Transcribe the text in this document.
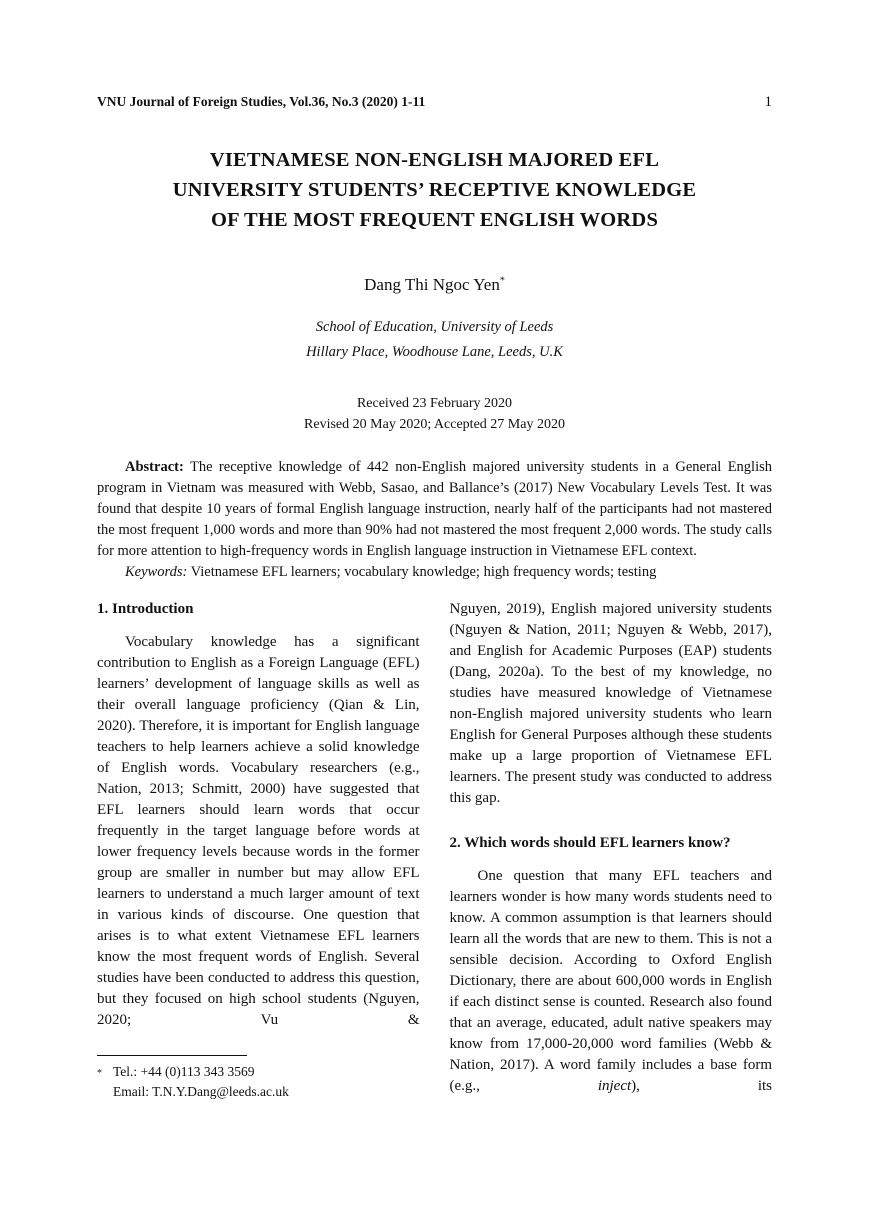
VNU Journal of Foreign Studies, Vol.36, No.3 (2020) 1-11	1
VIETNAMESE NON-ENGLISH MAJORED EFL
UNIVERSITY STUDENTS’ RECEPTIVE KNOWLEDGE
OF THE MOST FREQUENT ENGLISH WORDS
Dang Thi Ngoc Yen*
School of Education, University of Leeds
Hillary Place, Woodhouse Lane, Leeds, U.K
Received 23 February 2020
Revised 20 May 2020; Accepted 27 May 2020

Abstract: The receptive knowledge of 442 non-English majored university students in a General English program in Vietnam was measured with Webb, Sasao, and Ballance’s (2017) New Vocabulary Levels Test. It was found that despite 10 years of formal English language instruction, nearly half of the participants had not mastered the most frequent 1,000 words and more than 90% had not mastered the most frequent 2,000 words. The study calls for more attention to high-frequency words in English language instruction in Vietnamese EFL context.

Keywords: Vietnamese EFL learners; vocabulary knowledge; high frequency words; testing

1. Introduction

Vocabulary knowledge has a significant contribution to English as a Foreign Language (EFL) learners’ development of language skills as well as their overall language proficiency (Qian & Lin, 2020). Therefore, it is important for English language teachers to help learners achieve a solid knowledge of English words. Vocabulary researchers (e.g., Nation, 2013; Schmitt, 2000) have suggested that EFL learners should learn words that occur frequently in the target language before words at lower frequency levels because words in the former group are smaller in number but may allow EFL learners to understand a much larger amount of text in various kinds of discourse. One question that arises is to what extent Vietnamese EFL learners know the most frequent words of English. Several studies have been conducted to address this question, but they focused on high school students (Nguyen, 2020; Vu &

* Tel.: +44 (0)113 343 3569
Email: T.N.Y.Dang@leeds.ac.uk

Nguyen, 2019), English majored university students (Nguyen & Nation, 2011; Nguyen & Webb, 2017), and English for Academic Purposes (EAP) students (Dang, 2020a). To the best of my knowledge, no studies have measured knowledge of Vietnamese non-English majored university students who learn English for General Purposes although these students make up a large proportion of Vietnamese EFL learners. The present study was conducted to address this gap.

2. Which words should EFL learners know?

One question that many EFL teachers and learners wonder is how many words students need to know. A common assumption is that learners should learn all the words that are new to them. This is not a sensible decision. According to Oxford English Dictionary, there are about 600,000 words in English if each distinct sense is counted. Research also found that an average, educated, adult native speakers may know from 17,000-20,000 word families (Webb & Nation, 2017). A word family includes a base form (e.g., inject), its
